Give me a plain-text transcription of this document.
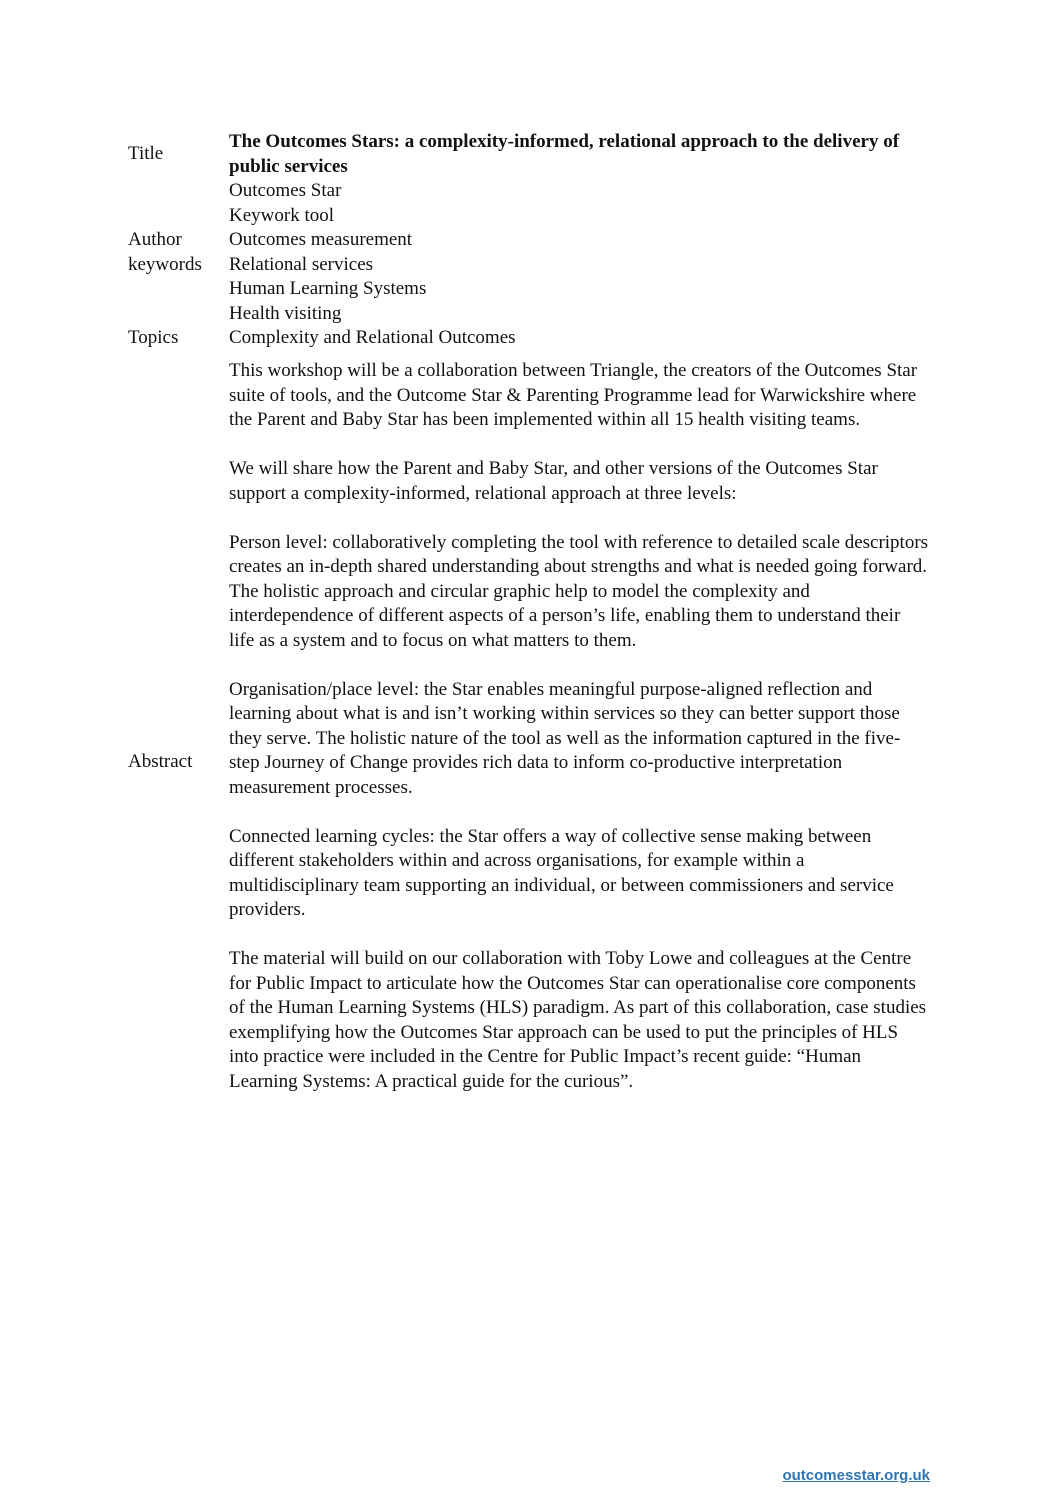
Title
Author
keywords
Topics
Abstract
The Outcomes Stars: a complexity-informed, relational approach to the delivery of public services
Outcomes Star
Keywork tool
Outcomes measurement
Relational services
Human Learning Systems
Health visiting
Complexity and Relational Outcomes

This workshop will be a collaboration between Triangle, the creators of the Outcomes Star suite of tools, and the Outcome Star & Parenting Programme lead for Warwickshire where the Parent and Baby Star has been implemented within all 15 health visiting teams.

We will share how the Parent and Baby Star, and other versions of the Outcomes Star support a complexity-informed, relational approach at three levels:

Person level: collaboratively completing the tool with reference to detailed scale descriptors creates an in-depth shared understanding about strengths and what is needed going forward. The holistic approach and circular graphic help to model the complexity and interdependence of different aspects of a person’s life, enabling them to understand their life as a system and to focus on what matters to them.

Organisation/place level: the Star enables meaningful purpose-aligned reflection and learning about what is and isn’t working within services so they can better support those they serve. The holistic nature of the tool as well as the information captured in the five-step Journey of Change provides rich data to inform co-productive interpretation measurement processes.

Connected learning cycles: the Star offers a way of collective sense making between different stakeholders within and across organisations, for example within a multidisciplinary team supporting an individual, or between commissioners and service providers.

The material will build on our collaboration with Toby Lowe and colleagues at the Centre for Public Impact to articulate how the Outcomes Star can operationalise core components of the Human Learning Systems (HLS) paradigm. As part of this collaboration, case studies exemplifying how the Outcomes Star approach can be used to put the principles of HLS into practice were included in the Centre for Public Impact’s recent guide: “Human Learning Systems: A practical guide for the curious”.

outcomesstar.org.uk
